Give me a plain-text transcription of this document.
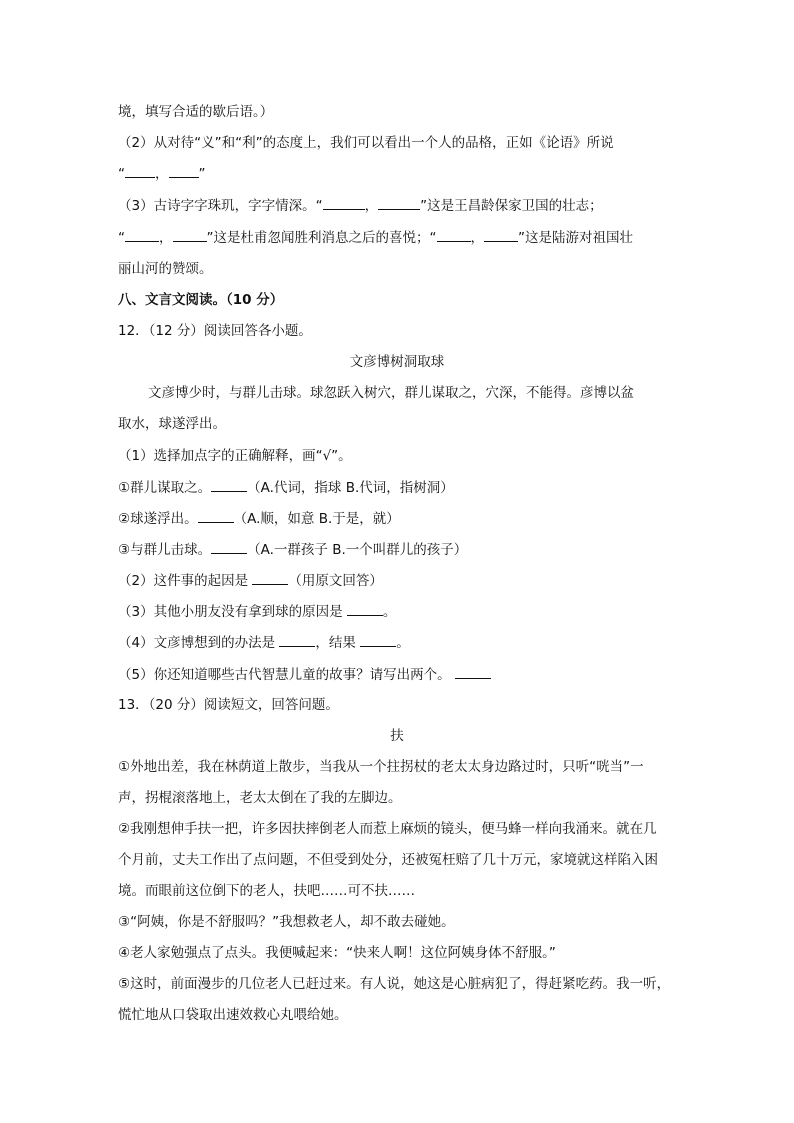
境，填写合适的歇后语。）
（2）从对待“义”和“利”的态度上，我们可以看出一个人的品格，正如《论语》所说
“ ， ”
（3）古诗字字珠玑，字字情深。“	，	”这是王昌龄保家卫国的壮志；
“	，	”这是杜甫忽闻胜利消息之后的喜悦；“	，	”这是陆游对祖国壮
丽山河的赞颂。
八、文言文阅读。（10 分）
12．（12 分）阅读回答各小题。
文彦博树洞取球
文彦博少时，与群儿击球。球忽跃入树穴，群儿谋取之，穴深，不能得。彦博以盆
取水，球遂浮出。
（1）选择加点字的正确解释，画“√”。
①群儿谋取之。	（A.代词，指球 B.代词，指树洞）
②球遂浮出。	（A.顺，如意 B.于是，就）
③与群儿击球。	（A.一群孩子 B.一个叫群儿的孩子）
（2）这件事的起因是	（用原文回答）
（3）其他小朋友没有拿到球的原因是	。
（4）文彦博想到的办法是	，结果	。
（5）你还知道哪些古代智慧儿童的故事？请写出两个。
13．（20 分）阅读短文，回答问题。
扶
①外地出差，我在林荫道上散步，当我从一个拄拐杖的老太太身边路过时，只听“咣当”一
声，拐棍滚落地上，老太太倒在了我的左脚边。
②我刚想伸手扶一把，许多因扶摔倒老人而惹上麻烦的镜头，便马蜂一样向我涌来。就在几
个月前，丈夫工作出了点问题，不但受到处分，还被冤枉赔了几十万元，家境就这样陷入困
境。而眼前这位倒下的老人，扶吧……可不扶……
③“阿姨，你是不舒服吗？”我想救老人，却不敢去碰她。
④老人家勉强点了点头。我便喊起来：“快来人啊！这位阿姨身体不舒服。”
⑤这时，前面漫步的几位老人已赶过来。有人说，她这是心脏病犯了，得赶紧吃药。我一听，
慌忙地从口袋取出速效救心丸喂给她。
